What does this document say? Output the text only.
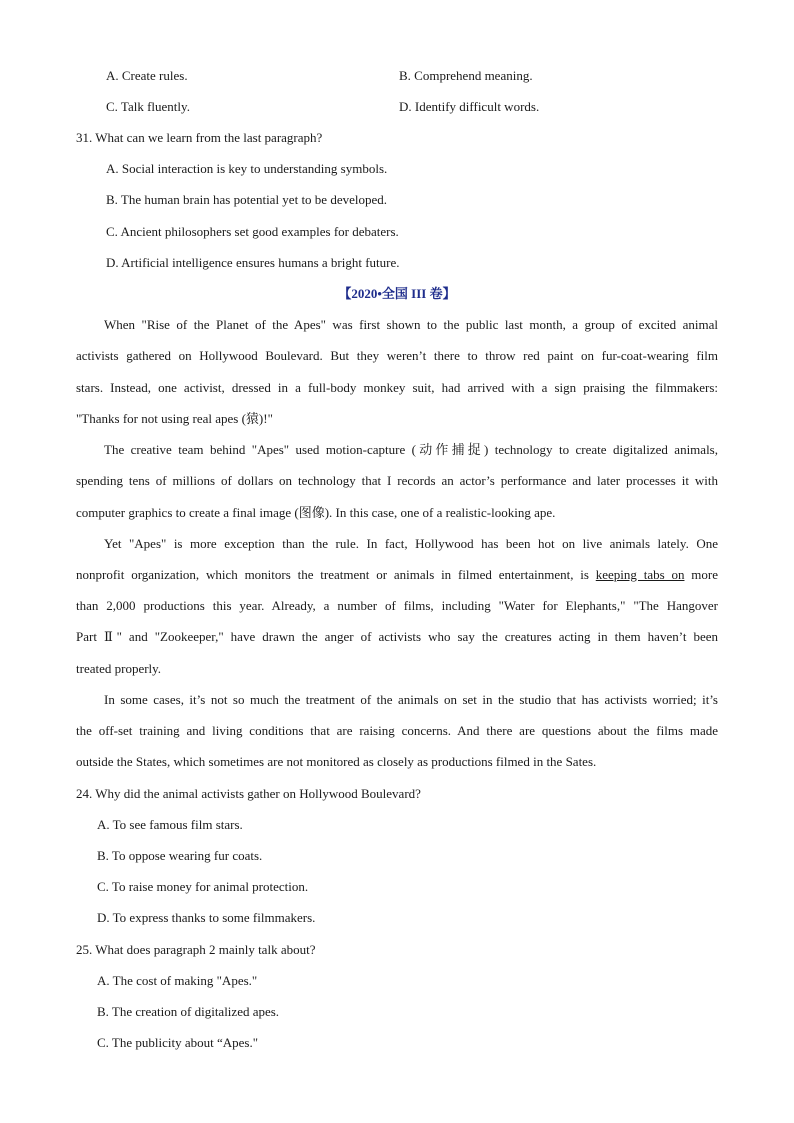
A. Create rules.	B. Comprehend meaning.
C. Talk fluently.	D. Identify difficult words.
31. What can we learn from the last paragraph?
A. Social interaction is key to understanding symbols.
B. The human brain has potential yet to be developed.
C. Ancient philosophers set good examples for debaters.
D. Artificial intelligence ensures humans a bright future.
【2020•全国 III 卷】
When "Rise of the Planet of the Apes" was first shown to the public last month, a group of excited animal
activists gathered on Hollywood Boulevard. But they weren’t there to throw red paint on fur-coat-wearing film
stars. Instead, one activist, dressed in a full-body monkey suit, had arrived with a sign praising the filmmakers:
"Thanks for not using real apes (猿)!"
The creative team behind "Apes" used motion-capture (动作捕捉) technology to create digitalized animals,
spending tens of millions of dollars on technology that I records an actor’s performance and later processes it with
computer graphics to create a final image (图像). In this case, one of a realistic-looking ape.
Yet "Apes" is more exception than the rule. In fact, Hollywood has been hot on live animals lately. One
nonprofit organization, which monitors the treatment or animals in filmed entertainment, is keeping tabs on more
than 2,000 productions this year. Already, a number of films, including "Water for Elephants," "The Hangover
Part Ⅱ" and "Zookeeper," have drawn the anger of activists who say the creatures acting in them haven’t been
treated properly.
In some cases, it’s not so much the treatment of the animals on set in the studio that has activists worried; it’s
the off-set training and living conditions that are raising concerns. And there are questions about the films made
outside the States, which sometimes are not monitored as closely as productions filmed in the Sates.
24. Why did the animal activists gather on Hollywood Boulevard?
A. To see famous film stars.
B. To oppose wearing fur coats.
C. To raise money for animal protection.
D. To express thanks to some filmmakers.
25. What does paragraph 2 mainly talk about?
A. The cost of making "Apes."
B. The creation of digitalized apes.
C. The publicity about “Apes."
